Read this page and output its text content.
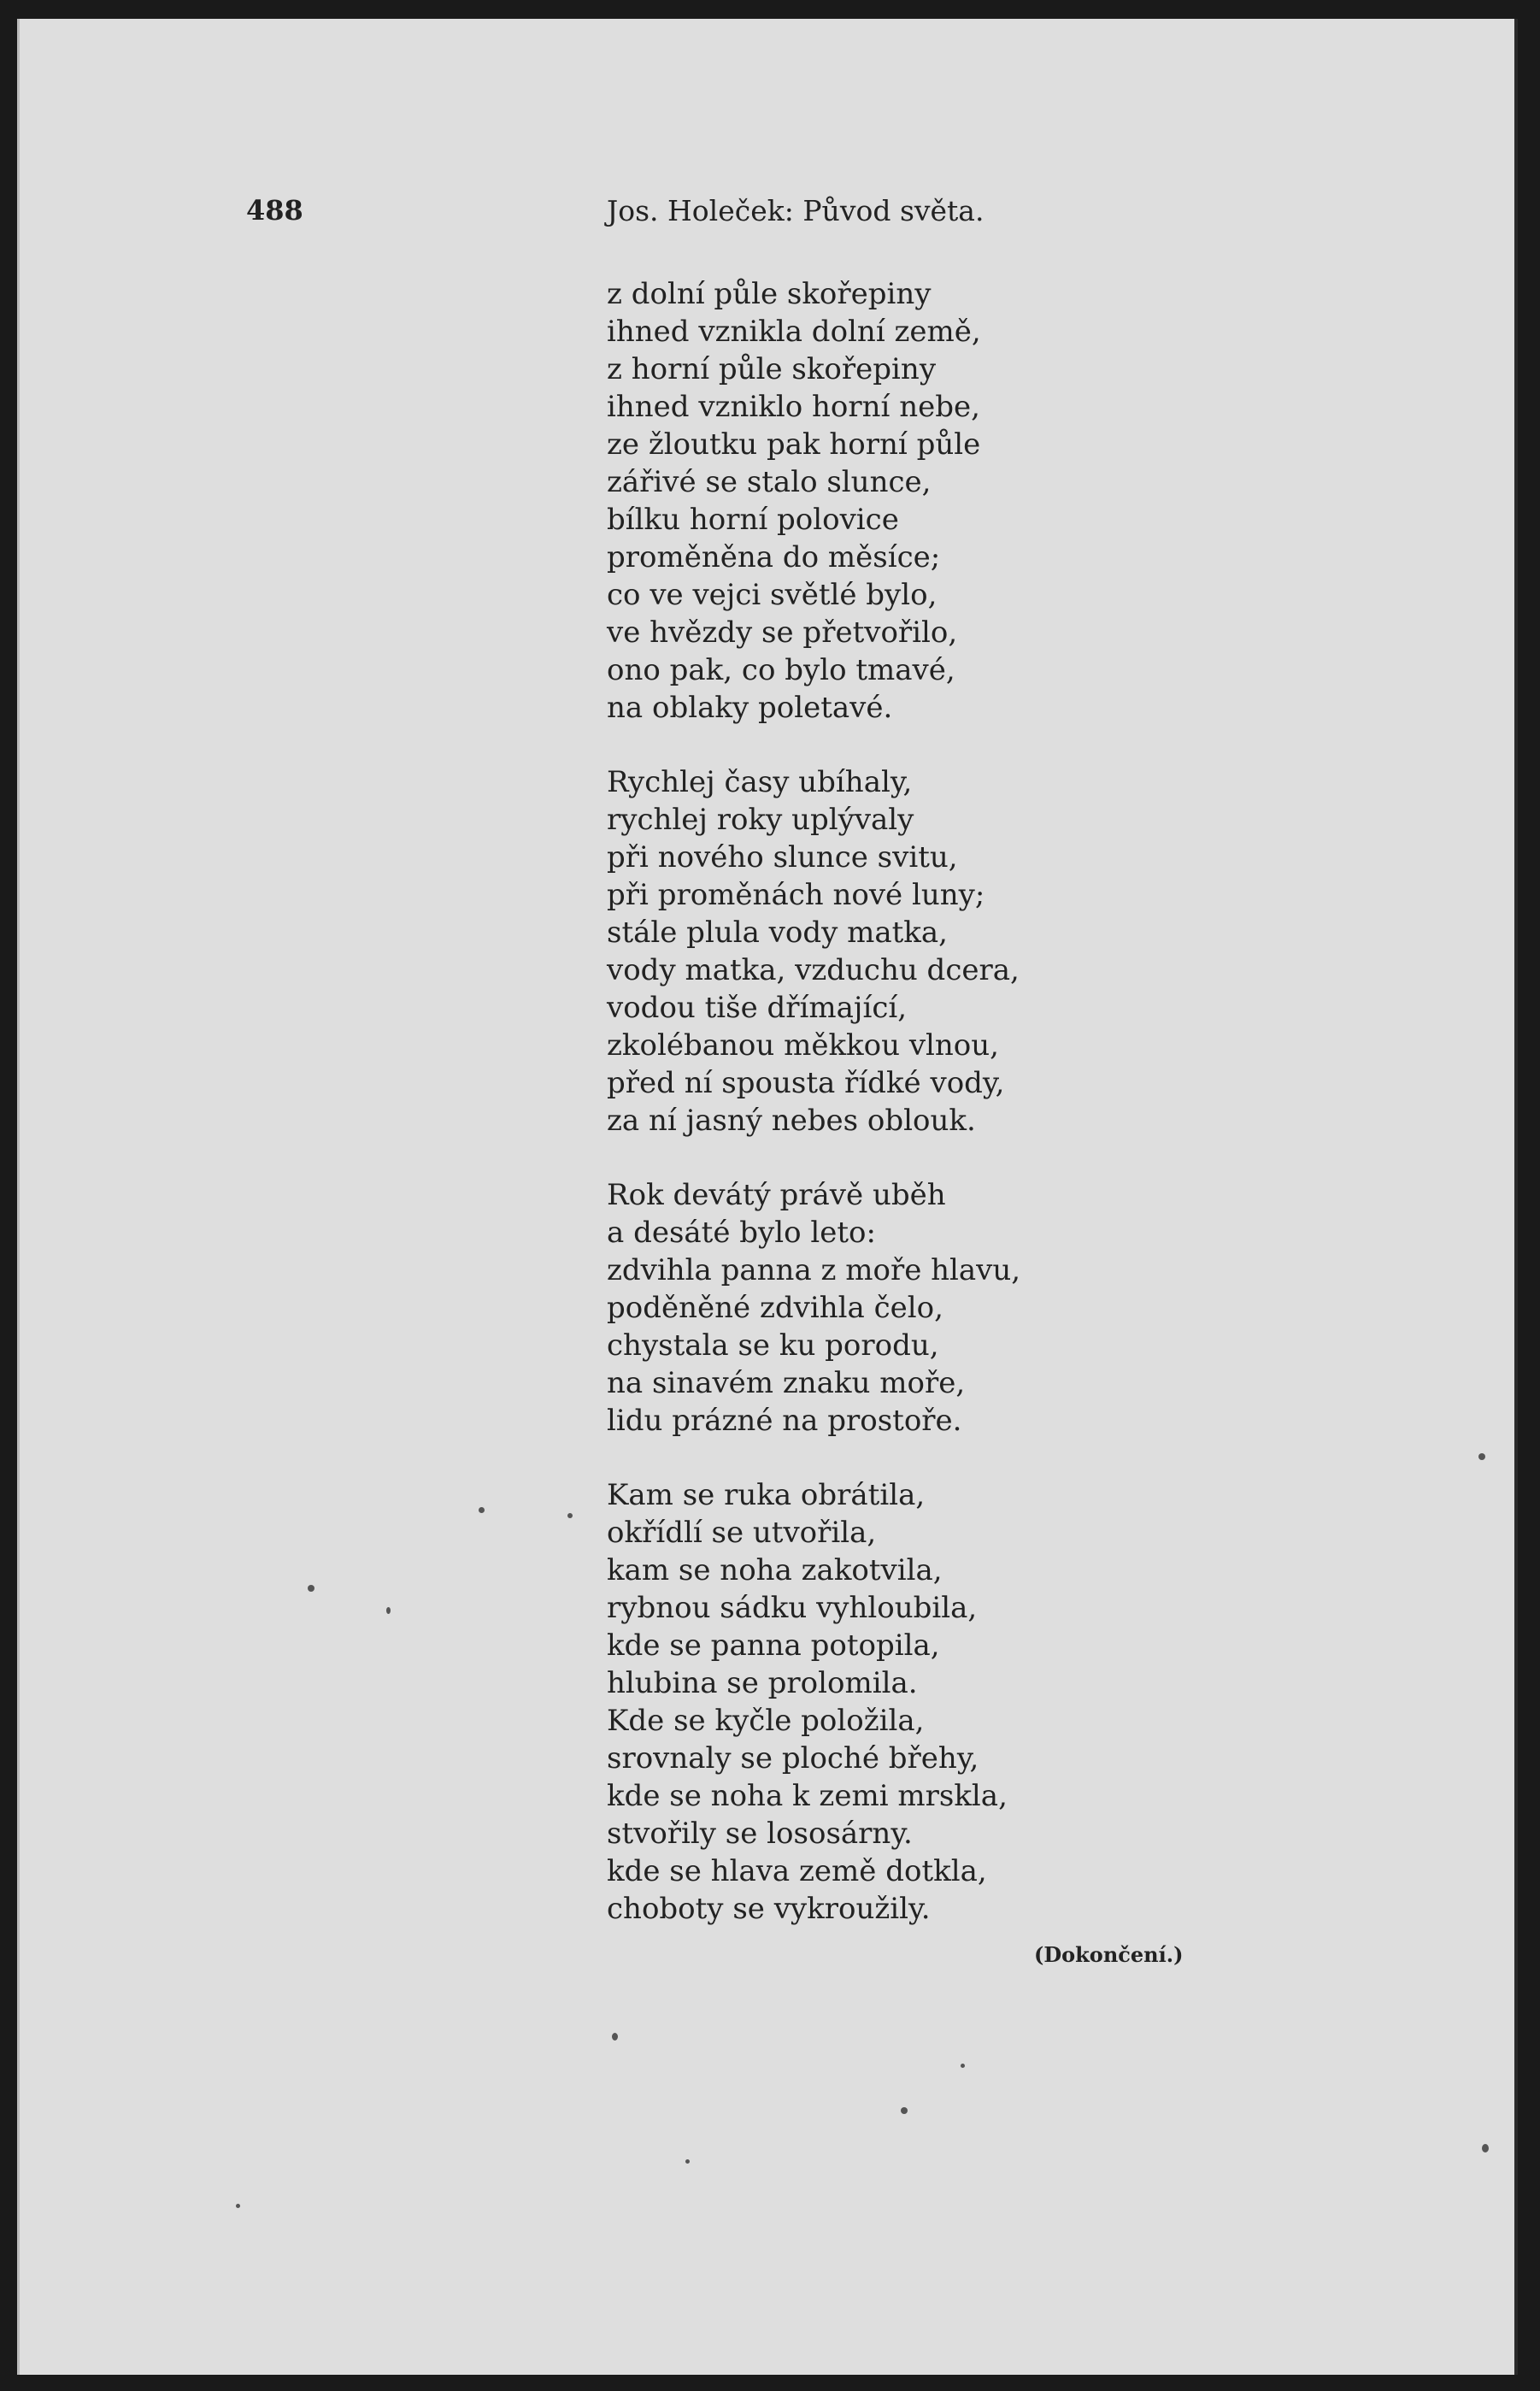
488	Jos. Holeček: Původ světa.
z dolní půle skořepiny
ihned vznikla dolní země,
z horní půle skořepiny
ihned vzniklo horní nebe,
ze žloutku pak horní půle
zářivé se stalo slunce,
bílku horní polovice
proměněna do měsíce;
co ve vejci světlé bylo,
ve hvězdy se přetvořilo,
ono pak, co bylo tmavé,
na oblaky poletavé.
Rychlej časy ubíhaly,
rychlej roky uplývaly
při nového slunce svitu,
při proměnách nové luny;
stále plula vody matka,
vody matka, vzduchu dcera,
vodou tiše dřímající,
zkolébanou měkkou vlnou,
před ní spousta řídké vody,
za ní jasný nebes oblouk.
Rok devátý právě uběh
a desáté bylo leto:
zdvihla panna z moře hlavu,
poděněné zdvihla čelo,
chystala se ku porodu,
na sinavém znaku moře,
lidu prázné na prostoře.
Kam se ruka obrátila,
okřídlí se utvořila,
kam se noha zakotvila,
rybnou sádku vyhloubila,
kde se panna potopila,
hlubina se prolomila.
Kde se kyčle položila,
srovnaly se ploché břehy,
kde se noha k zemi mrskla,
stvořily se lososárny.
kde se hlava země dotkla,
choboty se vykroužily.
(Dokončení.)
